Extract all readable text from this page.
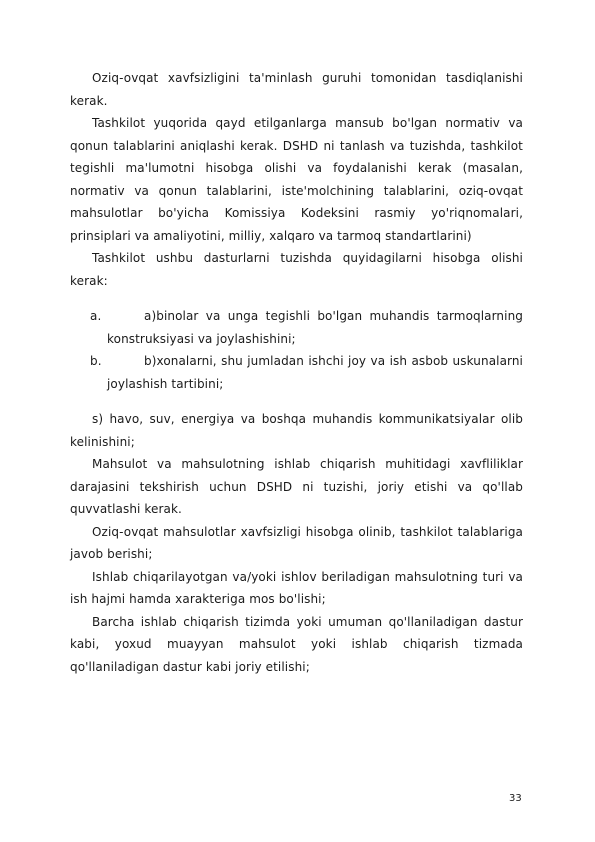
Oziq-ovqat xavfsizligini ta'minlash guruhi tomonidan tasdiqlanishi kerak.

Tashkilot yuqorida qayd etilganlarga mansub bo'lgan normativ va qonun talablarini aniqlashi kerak. DSHD ni tanlash va tuzishda, tashkilot tegishli ma'lumotni hisobga olishi va foydalanishi kerak (masalan, normativ va qonun talablarini, iste'molchining talablarini, oziq-ovqat mahsulotlar bo'yicha Komissiya Kodeksini rasmiy yo'riqnomalari, prinsiplari va amaliyotini, milliy, xalqaro va tarmoq standartlarini)

Tashkilot ushbu dasturlarni tuzishda quyidagilarni hisobga olishi kerak:

a.	a)binolar va unga tegishli bo'lgan muhandis tarmoqlarning konstruksiyasi va joylashishini;
b.	b)xonalarni, shu jumladan ishchi joy va ish asbob uskunalarni joylashish tartibini;

s) havo, suv, energiya va boshqa muhandis kommunikatsiyalar olib kelinishini;

Mahsulot va mahsulotning ishlab chiqarish muhitidagi xavfliliklar darajasini tekshirish uchun DSHD ni tuzishi, joriy etishi va qo'llab quvvatlashi kerak.

Oziq-ovqat mahsulotlar xavfsizligi hisobga olinib, tashkilot talablariga javob berishi;

Ishlab chiqarilayotgan va/yoki ishlov beriladigan mahsulotning turi va ish hajmi hamda xarakteriga mos bo'lishi;

Barcha ishlab chiqarish tizimda yoki umuman qo'llaniladigan dastur kabi, yoxud muayyan mahsulot yoki ishlab chiqarish tizmada qo'llaniladigan dastur kabi joriy etilishi;

33
